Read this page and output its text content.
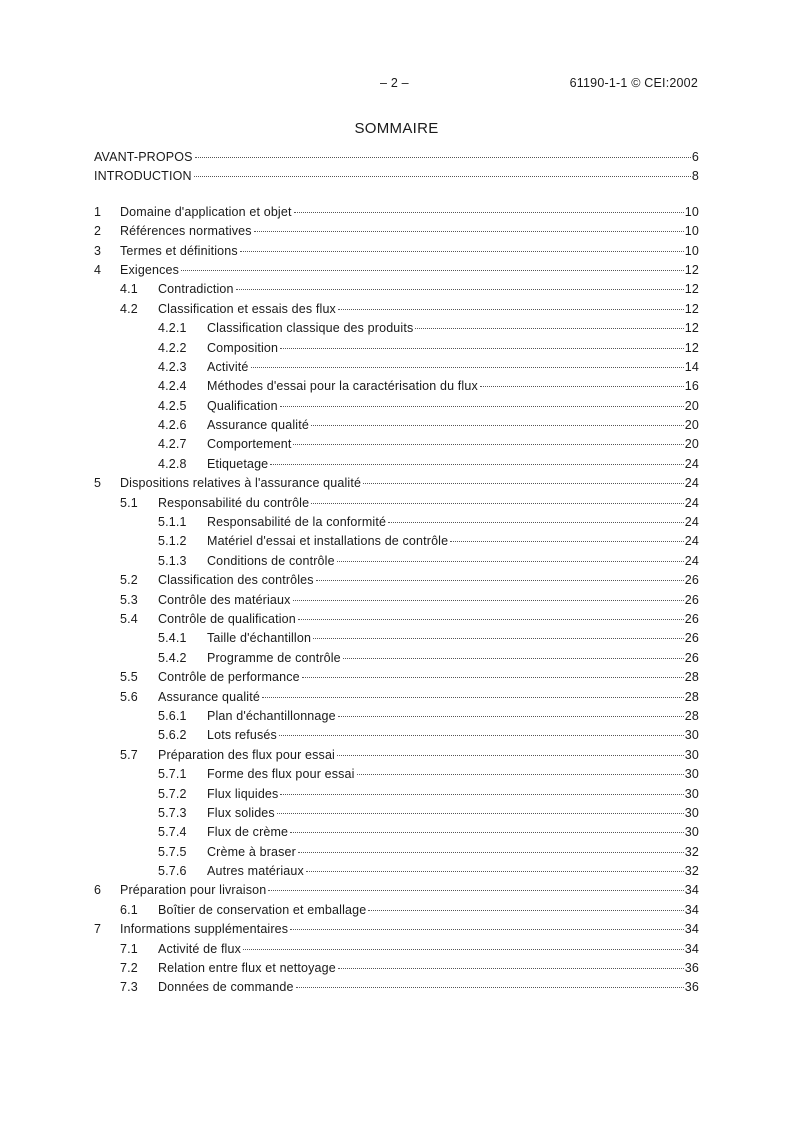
– 2 –	61190-1-1 © CEI:2002
SOMMAIRE
AVANT-PROPOS	6
INTRODUCTION	8
1	Domaine d'application et objet	10
2	Références normatives	10
3	Termes et définitions	10
4	Exigences	12
4.1	Contradiction	12
4.2	Classification et essais des flux	12
4.2.1	Classification classique des produits	12
4.2.2	Composition	12
4.2.3	Activité	14
4.2.4	Méthodes d'essai pour la caractérisation du flux	16
4.2.5	Qualification	20
4.2.6	Assurance qualité	20
4.2.7	Comportement	20
4.2.8	Etiquetage	24
5	Dispositions relatives à l'assurance qualité	24
5.1	Responsabilité du contrôle	24
5.1.1	Responsabilité de la conformité	24
5.1.2	Matériel d'essai et installations de contrôle	24
5.1.3	Conditions de contrôle	24
5.2	Classification des contrôles	26
5.3	Contrôle des matériaux	26
5.4	Contrôle de qualification	26
5.4.1	Taille d'échantillon	26
5.4.2	Programme de contrôle	26
5.5	Contrôle de performance	28
5.6	Assurance qualité	28
5.6.1	Plan d'échantillonnage	28
5.6.2	Lots refusés	30
5.7	Préparation des flux pour essai	30
5.7.1	Forme des flux pour essai	30
5.7.2	Flux liquides	30
5.7.3	Flux solides	30
5.7.4	Flux de crème	30
5.7.5	Crème à braser	32
5.7.6	Autres matériaux	32
6	Préparation pour livraison	34
6.1	Boîtier de conservation et emballage	34
7	Informations supplémentaires	34
7.1	Activité de flux	34
7.2	Relation entre flux et nettoyage	36
7.3	Données de commande	36
